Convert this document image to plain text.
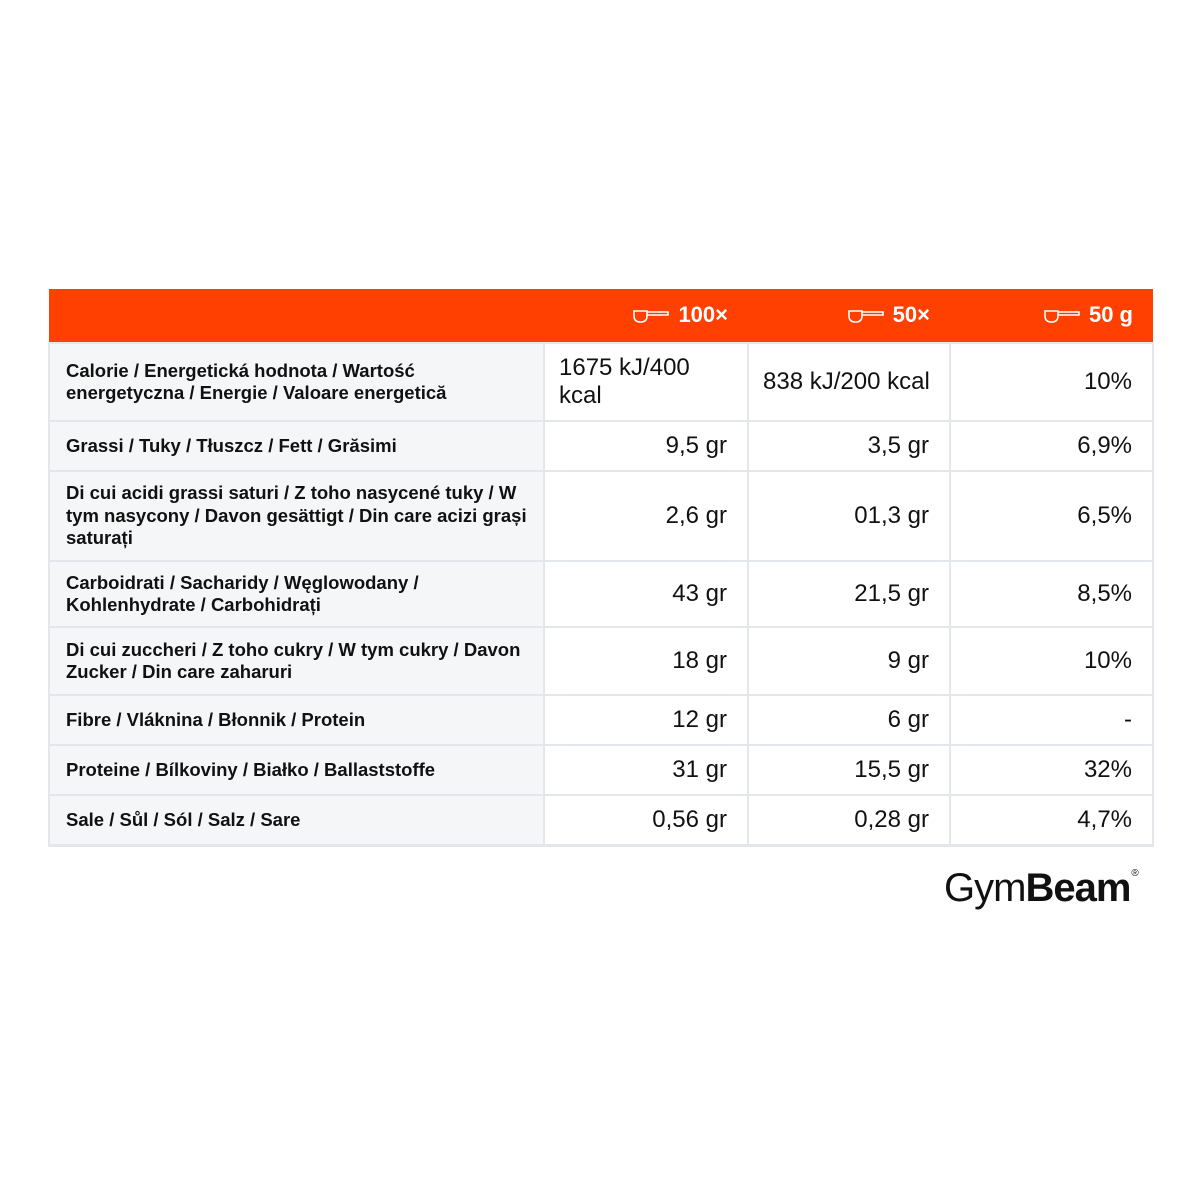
	100×	50×	50 g

Calorie / Energetická hodnota / Wartość energetyczna / Energie / Valoare energetică	1675 kJ/400 kcal	838 kJ/200 kcal	10%
Grassi / Tuky / Tłuszcz / Fett / Grăsimi	9,5 gr	3,5 gr	6,9%
Di cui acidi grassi saturi / Z toho nasycené tuky / W tym nasycony / Davon gesättigt / Din care acizi grași saturați	2,6 gr	01,3 gr	6,5%
Carboidrati / Sacharidy / Węglowodany / Kohlenhydrate / Carbohidrați	43 gr	21,5 gr	8,5%
Di cui zuccheri / Z toho cukry / W tym cukry / Davon Zucker / Din care zaharuri	18 gr	9 gr	10%
Fibre / Vláknina / Błonnik / Protein	12 gr	6 gr	-
Proteine / Bílkoviny / Białko / Ballaststoffe	31 gr	15,5 gr	32%
Sale / Sůl / Sól / Salz / Sare	0,56 gr	0,28 gr	4,7%
GymBeam®
